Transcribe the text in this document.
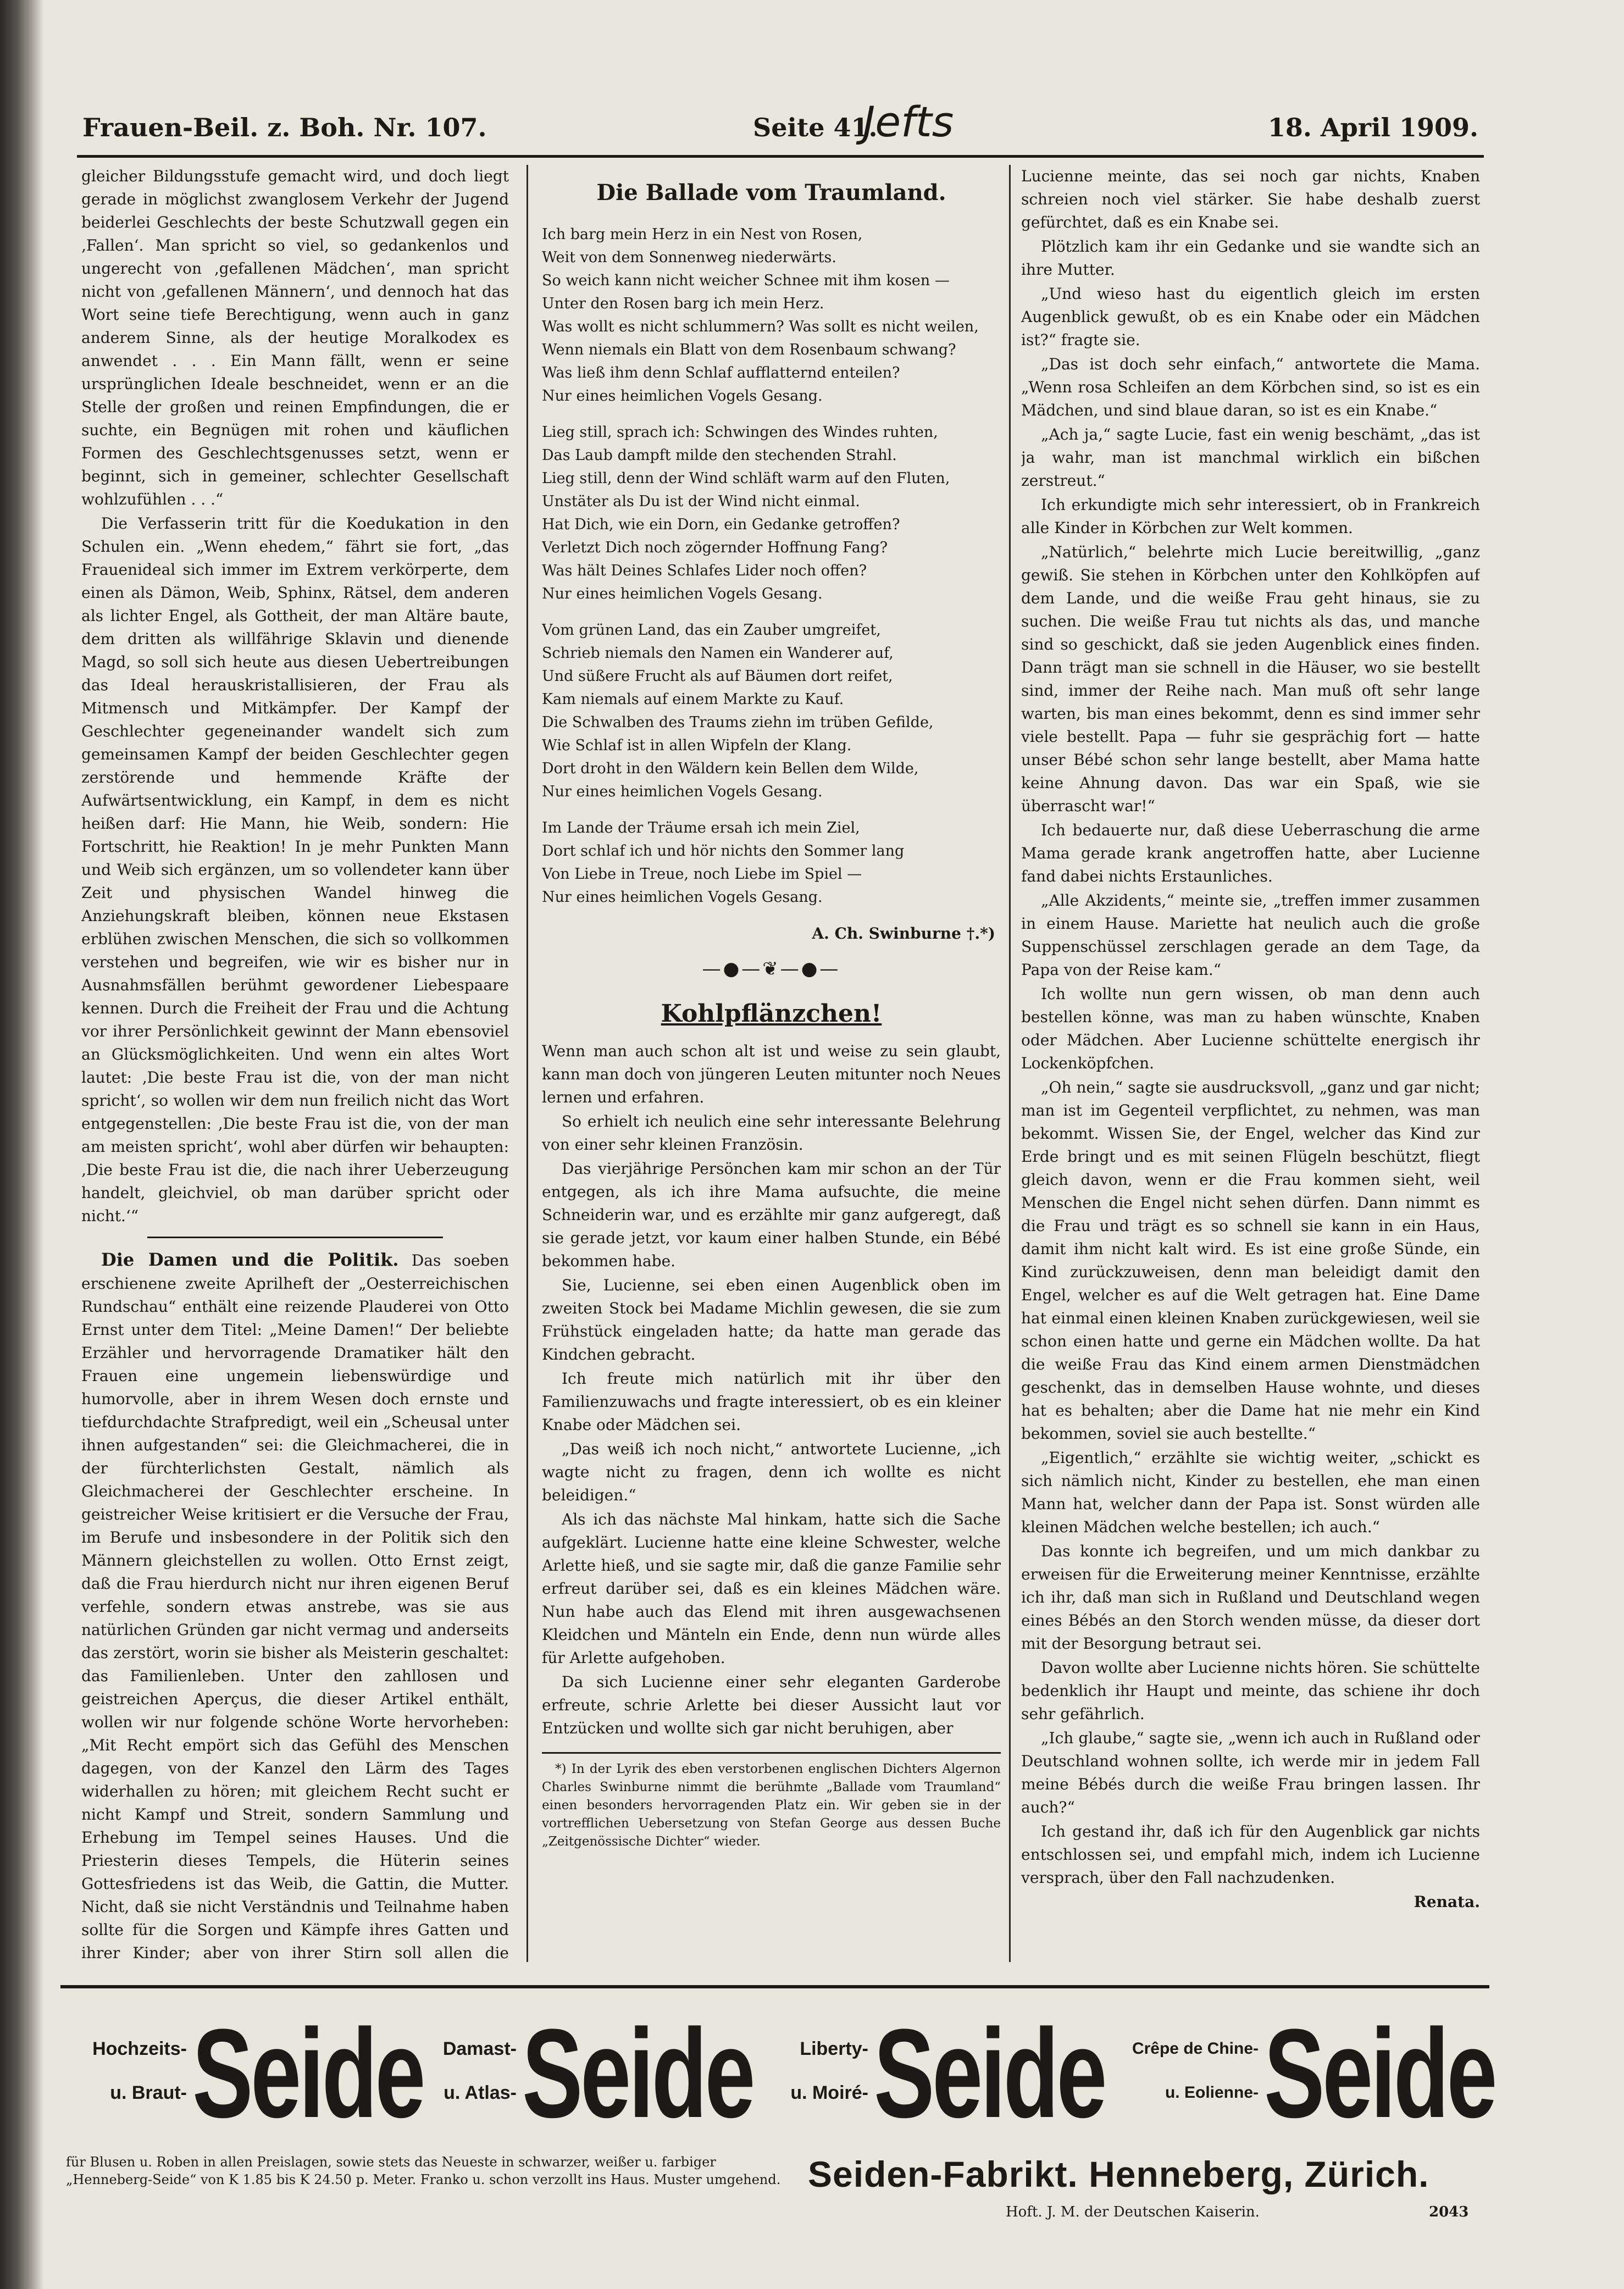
Frauen-Beil. z. Boh. Nr. 107.	Seite 41.
Jefts	18. April 1909.

gleicher Bildungsstufe gemacht wird, und doch liegt gerade in möglichst zwanglosem Verkehr der Jugend beiderlei Geschlechts der beste Schutzwall gegen ein ‚Fallen‘. Man spricht so viel, so gedankenlos und ungerecht von ‚gefallenen Mädchen‘, man spricht nicht von ‚gefallenen Männern‘, und dennoch hat das Wort seine tiefe Berechtigung, wenn auch in ganz anderem Sinne, als der heutige Moralkodex es anwendet . . . Ein Mann fällt, wenn er seine ursprünglichen Ideale beschneidet, wenn er an die Stelle der großen und reinen Empfindungen, die er suchte, ein Begnügen mit rohen und käuflichen Formen des Geschlechtsgenusses setzt, wenn er beginnt, sich in gemeiner, schlechter Gesellschaft wohlzufühlen . . .“

Die Verfasserin tritt für die Koedukation in den Schulen ein. „Wenn ehedem,“ fährt sie fort, „das Frauenideal sich immer im Extrem verkörperte, dem einen als Dämon, Weib, Sphinx, Rätsel, dem anderen als lichter Engel, als Gottheit, der man Altäre baute, dem dritten als willfährige Sklavin und dienende Magd, so soll sich heute aus diesen Uebertreibungen das Ideal herauskristallisieren, der Frau als Mitmensch und Mitkämpfer. Der Kampf der Geschlechter gegeneinander wandelt sich zum gemeinsamen Kampf der beiden Geschlechter gegen zerstörende und hemmende Kräfte der Aufwärtsentwicklung, ein Kampf, in dem es nicht heißen darf: Hie Mann, hie Weib, sondern: Hie Fortschritt, hie Reaktion! In je mehr Punkten Mann und Weib sich ergänzen, um so vollendeter kann über Zeit und physischen Wandel hinweg die Anziehungskraft bleiben, können neue Ekstasen erblühen zwischen Menschen, die sich so vollkommen verstehen und begreifen, wie wir es bisher nur in Ausnahmsfällen berühmt gewordener Liebespaare kennen. Durch die Freiheit der Frau und die Achtung vor ihrer Persönlichkeit gewinnt der Mann ebensoviel an Glücksmöglichkeiten. Und wenn ein altes Wort lautet: ‚Die beste Frau ist die, von der man nicht spricht‘, so wollen wir dem nun freilich nicht das Wort entgegenstellen: ‚Die beste Frau ist die, von der man am meisten spricht‘, wohl aber dürfen wir behaupten: ‚Die beste Frau ist die, die nach ihrer Ueberzeugung handelt, gleichviel, ob man darüber spricht oder nicht.‘“

Die Damen und die Politik. Das soeben erschienene zweite Aprilheft der „Oesterreichischen Rundschau“ enthält eine reizende Plauderei von Otto Ernst unter dem Titel: „Meine Damen!“ Der beliebte Erzähler und hervorragende Dramatiker hält den Frauen eine ungemein liebenswürdige und humorvolle, aber in ihrem Wesen doch ernste und tiefdurchdachte Strafpredigt, weil ein „Scheusal unter ihnen aufgestanden“ sei: die Gleichmacherei, die in der fürchterlichsten Gestalt, nämlich als Gleichmacherei der Geschlechter erscheine. In geistreicher Weise kritisiert er die Versuche der Frau, im Berufe und insbesondere in der Politik sich den Männern gleichstellen zu wollen. Otto Ernst zeigt, daß die Frau hierdurch nicht nur ihren eigenen Beruf verfehle, sondern etwas anstrebe, was sie aus natürlichen Gründen gar nicht vermag und anderseits das zerstört, worin sie bisher als Meisterin geschaltet: das Familienleben. Unter den zahllosen und geistreichen Aperçus, die dieser Artikel enthält, wollen wir nur folgende schöne Worte hervorheben: „Mit Recht empört sich das Gefühl des Menschen dagegen, von der Kanzel den Lärm des Tages widerhallen zu hören; mit gleichem Recht sucht er nicht Kampf und Streit, sondern Sammlung und Erhebung im Tempel seines Hauses. Und die Priesterin dieses Tempels, die Hüterin seines Gottesfriedens ist das Weib, die Gattin, die Mutter. Nicht, daß sie nicht Verständnis und Teilnahme haben sollte für die Sorgen und Kämpfe ihres Gatten und ihrer Kinder; aber von ihrer Stirn soll allen die

Die Ballade vom Traumland.
Ich barg mein Herz in ein Nest von Rosen,
Weit von dem Sonnenweg niederwärts.
So weich kann nicht weicher Schnee mit ihm kosen —
Unter den Rosen barg ich mein Herz.
Was wollt es nicht schlummern? Was sollt es nicht weilen,
Wenn niemals ein Blatt von dem Rosenbaum schwang?
Was ließ ihm denn Schlaf aufflatternd enteilen?
Nur eines heimlichen Vogels Gesang.
Lieg still, sprach ich: Schwingen des Windes ruhten,
Das Laub dampft milde den stechenden Strahl.
Lieg still, denn der Wind schläft warm auf den Fluten,
Unstäter als Du ist der Wind nicht einmal.
Hat Dich, wie ein Dorn, ein Gedanke getroffen?
Verletzt Dich noch zögernder Hoffnung Fang?
Was hält Deines Schlafes Lider noch offen?
Nur eines heimlichen Vogels Gesang.
Vom grünen Land, das ein Zauber umgreifet,
Schrieb niemals den Namen ein Wanderer auf,
Und süßere Frucht als auf Bäumen dort reifet,
Kam niemals auf einem Markte zu Kauf.
Die Schwalben des Traums ziehn im trüben Gefilde,
Wie Schlaf ist in allen Wipfeln der Klang.
Dort droht in den Wäldern kein Bellen dem Wilde,
Nur eines heimlichen Vogels Gesang.
Im Lande der Träume ersah ich mein Ziel,
Dort schlaf ich und hör nichts den Sommer lang
Von Liebe in Treue, noch Liebe im Spiel —
Nur eines heimlichen Vogels Gesang.
A. Ch. Swinburne †.*)
—●—❦—●—
Kohlpflänzchen!

Wenn man auch schon alt ist und weise zu sein glaubt, kann man doch von jüngeren Leuten mitunter noch Neues lernen und erfahren.

So erhielt ich neulich eine sehr interessante Belehrung von einer sehr kleinen Französin.

Das vierjährige Persönchen kam mir schon an der Tür entgegen, als ich ihre Mama aufsuchte, die meine Schneiderin war, und es erzählte mir ganz aufgeregt, daß sie gerade jetzt, vor kaum einer halben Stunde, ein Bébé bekommen habe.

Sie, Lucienne, sei eben einen Augenblick oben im zweiten Stock bei Madame Michlin gewesen, die sie zum Frühstück eingeladen hatte; da hatte man gerade das Kindchen gebracht.

Ich freute mich natürlich mit ihr über den Familienzuwachs und fragte interessiert, ob es ein kleiner Knabe oder Mädchen sei.

„Das weiß ich noch nicht,“ antwortete Lucienne, „ich wagte nicht zu fragen, denn ich wollte es nicht beleidigen.“

Als ich das nächste Mal hinkam, hatte sich die Sache aufgeklärt. Lucienne hatte eine kleine Schwester, welche Arlette hieß, und sie sagte mir, daß die ganze Familie sehr erfreut darüber sei, daß es ein kleines Mädchen wäre. Nun habe auch das Elend mit ihren ausgewachsenen Kleidchen und Mänteln ein Ende, denn nun würde alles für Arlette aufgehoben.

Da sich Lucienne einer sehr eleganten Garderobe erfreute, schrie Arlette bei dieser Aussicht laut vor Entzücken und wollte sich gar nicht beruhigen, aber

*) In der Lyrik des eben verstorbenen englischen Dichters Algernon Charles Swinburne nimmt die berühmte „Ballade vom Traumland“ einen besonders hervorragenden Platz ein. Wir geben sie in der vortrefflichen Uebersetzung von Stefan George aus dessen Buche „Zeitgenössische Dichter“ wieder.

Lucienne meinte, das sei noch gar nichts, Knaben schreien noch viel stärker. Sie habe deshalb zuerst gefürchtet, daß es ein Knabe sei.

Plötzlich kam ihr ein Gedanke und sie wandte sich an ihre Mutter.

„Und wieso hast du eigentlich gleich im ersten Augenblick gewußt, ob es ein Knabe oder ein Mädchen ist?“ fragte sie.

„Das ist doch sehr einfach,“ antwortete die Mama. „Wenn rosa Schleifen an dem Körbchen sind, so ist es ein Mädchen, und sind blaue daran, so ist es ein Knabe.“

„Ach ja,“ sagte Lucie, fast ein wenig beschämt, „das ist ja wahr, man ist manchmal wirklich ein bißchen zerstreut.“

Ich erkundigte mich sehr interessiert, ob in Frankreich alle Kinder in Körbchen zur Welt kommen.

„Natürlich,“ belehrte mich Lucie bereitwillig, „ganz gewiß. Sie stehen in Körbchen unter den Kohlköpfen auf dem Lande, und die weiße Frau geht hinaus, sie zu suchen. Die weiße Frau tut nichts als das, und manche sind so geschickt, daß sie jeden Augenblick eines finden. Dann trägt man sie schnell in die Häuser, wo sie bestellt sind, immer der Reihe nach. Man muß oft sehr lange warten, bis man eines bekommt, denn es sind immer sehr viele bestellt. Papa — fuhr sie gesprächig fort — hatte unser Bébé schon sehr lange bestellt, aber Mama hatte keine Ahnung davon. Das war ein Spaß, wie sie überrascht war!“

Ich bedauerte nur, daß diese Ueberraschung die arme Mama gerade krank angetroffen hatte, aber Lucienne fand dabei nichts Erstaunliches.

„Alle Akzidents,“ meinte sie, „treffen immer zusammen in einem Hause. Mariette hat neulich auch die große Suppenschüssel zerschlagen gerade an dem Tage, da Papa von der Reise kam.“

Ich wollte nun gern wissen, ob man denn auch bestellen könne, was man zu haben wünschte, Knaben oder Mädchen. Aber Lucienne schüttelte energisch ihr Lockenköpfchen.

„Oh nein,“ sagte sie ausdrucksvoll, „ganz und gar nicht; man ist im Gegenteil verpflichtet, zu nehmen, was man bekommt. Wissen Sie, der Engel, welcher das Kind zur Erde bringt und es mit seinen Flügeln beschützt, fliegt gleich davon, wenn er die Frau kommen sieht, weil Menschen die Engel nicht sehen dürfen. Dann nimmt es die Frau und trägt es so schnell sie kann in ein Haus, damit ihm nicht kalt wird. Es ist eine große Sünde, ein Kind zurückzuweisen, denn man beleidigt damit den Engel, welcher es auf die Welt getragen hat. Eine Dame hat einmal einen kleinen Knaben zurückgewiesen, weil sie schon einen hatte und gerne ein Mädchen wollte. Da hat die weiße Frau das Kind einem armen Dienstmädchen geschenkt, das in demselben Hause wohnte, und dieses hat es behalten; aber die Dame hat nie mehr ein Kind bekommen, soviel sie auch bestellte.“

„Eigentlich,“ erzählte sie wichtig weiter, „schickt es sich nämlich nicht, Kinder zu bestellen, ehe man einen Mann hat, welcher dann der Papa ist. Sonst würden alle kleinen Mädchen welche bestellen; ich auch.“

Das konnte ich begreifen, und um mich dankbar zu erweisen für die Erweiterung meiner Kenntnisse, erzählte ich ihr, daß man sich in Rußland und Deutschland wegen eines Bébés an den Storch wenden müsse, da dieser dort mit der Besorgung betraut sei.

Davon wollte aber Lucienne nichts hören. Sie schüttelte bedenklich ihr Haupt und meinte, das schiene ihr doch sehr gefährlich.

„Ich glaube,“ sagte sie, „wenn ich auch in Rußland oder Deutschland wohnen sollte, ich werde mir in jedem Fall meine Bébés durch die weiße Frau bringen lassen. Ihr auch?“

Ich gestand ihr, daß ich für den Augenblick gar nichts entschlossen sei, und empfahl mich, indem ich Lucienne versprach, über den Fall nachzudenken.

Renata.

Hochzeits-
u. Braut- Seide	Damast-
u. Atlas- Seide	Liberty-
u. Moiré- Seide	Crêpe de Chine-
u. Eolienne- Seide
für Blusen u. Roben in allen Preislagen, sowie stets das Neueste in schwarzer, weißer u. farbiger „Henneberg-Seide“ von K 1.85 bis K 24.50 p. Meter. Franko u. schon verzollt ins Haus. Muster umgehend. Seiden-Fabrikt. Henneberg, Zürich.
Hoft. J. M. der Deutschen Kaiserin.	2043
